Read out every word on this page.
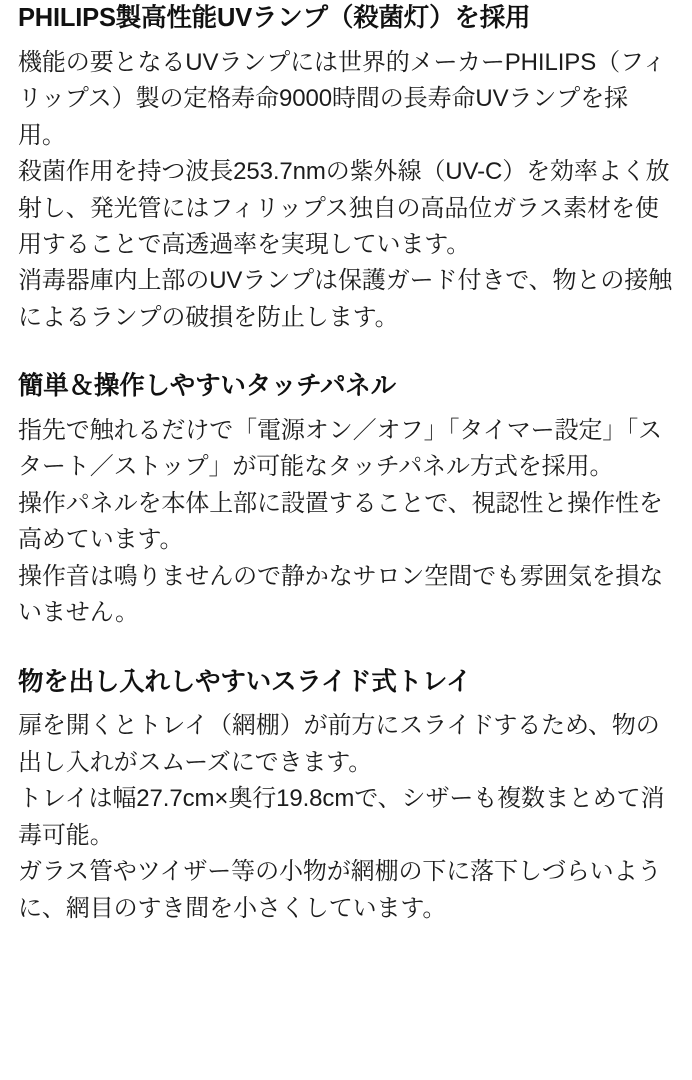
PHILIPS製高性能UVランプ（殺菌灯）を採用

機能の要となるUVランプには世界的メーカーPHILIPS（フィリップス）製の定格寿命9000時間の長寿命UVランプを採用。

殺菌作用を持つ波長253.7nmの紫外線（UV-C）を効率よく放射し、発光管にはフィリップス独自の高品位ガラス素材を使用することで高透過率を実現しています。

消毒器庫内上部のUVランプは保護ガード付きで、物との接触によるランプの破損を防止します。

簡単＆操作しやすいタッチパネル

指先で触れるだけで「電源オン／オフ」「タイマー設定」「スタート／ストップ」が可能なタッチパネル方式を採用。

操作パネルを本体上部に設置することで、視認性と操作性を高めています。

操作音は鳴りませんので静かなサロン空間でも雰囲気を損ないません。

物を出し入れしやすいスライド式トレイ

扉を開くとトレイ（網棚）が前方にスライドするため、物の出し入れがスムーズにできます。

トレイは幅27.7cm×奥行19.8cmで、シザーも複数まとめて消毒可能。

ガラス管やツイザー等の小物が網棚の下に落下しづらいように、網目のすき間を小さくしています。
